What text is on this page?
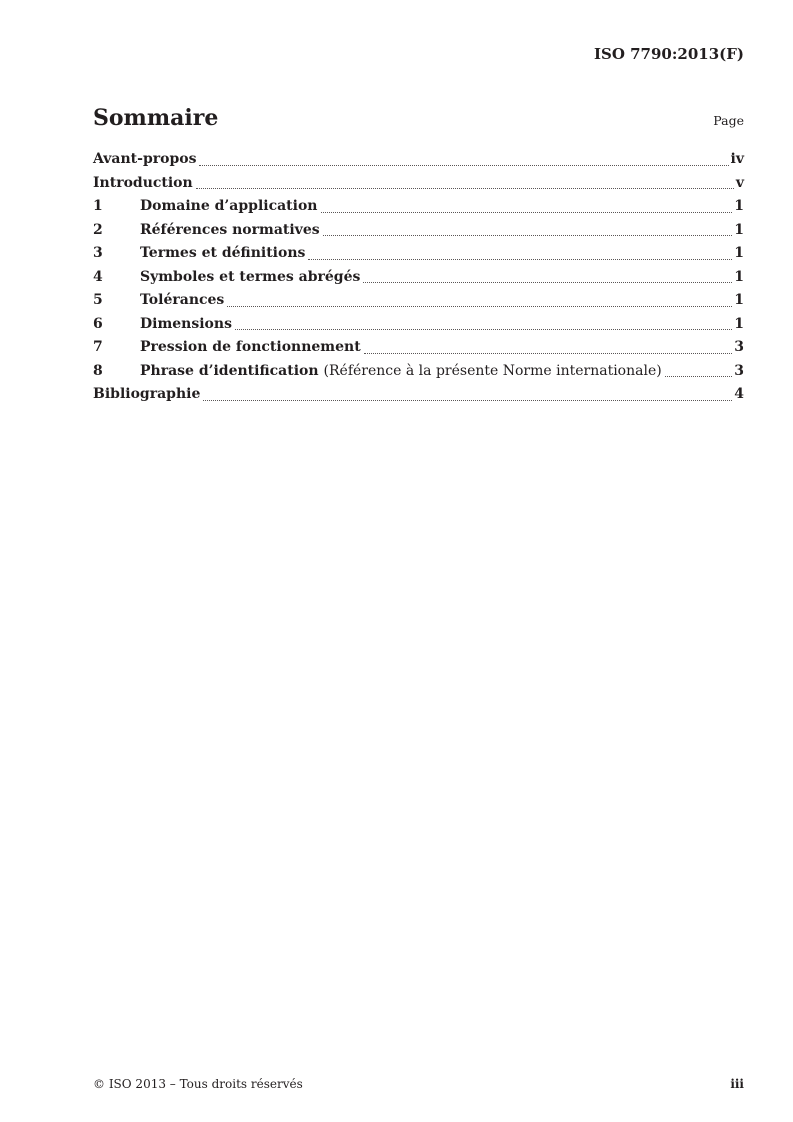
ISO 7790:2013(F)
Sommaire	Page
Avant-propos	iv
Introduction	v
1	Domaine d’application	1
2	Références normatives	1
3	Termes et définitions	1
4	Symboles et termes abrégés	1
5	Tolérances	1
6	Dimensions	1
7	Pression de fonctionnement	3
8	Phrase d’identification (Référence à la présente Norme internationale)	3
Bibliographie	4
© ISO 2013 – Tous droits réservés	iii
